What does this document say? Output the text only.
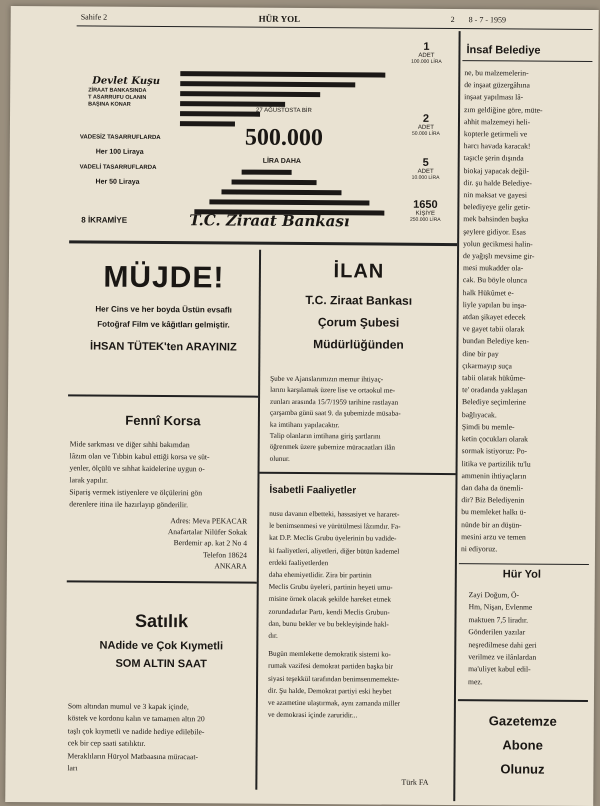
Sahife 2	HÜR YOL	2 8 - 7 - 1959
Devlet Kuşu
ZİRAAT BANKASINDA
T ASARRUFU OLANIN
BAŞINA KONAR
27 AĞUSTOSTA BİR
500.000
LİRA DAHA
VADESİZ TASARRUFLARDA
Her 100 Liraya
VADELİ TASARRUFLARDA
Her 50 Liraya
8 İKRAMİYE	T.C. Ziraat Bankası
1
ADET
100.000 LİRA
2
ADET
50.000 LİRA
5
ADET
10.000 LİRA
1650
KİŞİYE
250.000 LİRA
İnsaf Belediye

ne, bu malzemelerin-

de inşaat güzergâhına

inşaat yapılması lâ-

zım geldiğine göre, müte-

ahhit malzemeyi heli-

kopterle getirmeli ve

harcı havada karacak!

taşıcle şerin dışında

biokaj yapacak değil-

dir. şu halde Belediye-

nin maksat ve gayesi

belediyeye gelir getir-

mek bahsinden başka

şeylere gidiyor. Esas

yolun gecikmesi halin-

de yağışlı mevsime gir-

mesi mukadder ola-

cak. Bu böyle olunca

halk Hükûmet e-

liyle yapılan bu inşa-

atdan şikayet edecek

ve gayet tabii olarak

bundan Belediye ken-

dine bir pay

çıkarmayıp suça

tabii olarak hükûme-

te' oradanda yaklaşan

Belediye seçimlerine

bağlıyacak.

Şimdi bu memle-

ketin çocukları olarak

sormak istiyoruz: Po-

litika ve partizilik tu'lu

ammenin ihtiyaçların

dan daha da önemli-

dir? Biz Belediyenin

bu memleket halkı ü-

nünde bir an düşün-

mesini arzu ve temen

ni ediyoruz.

Hür Yol

Zayi Doğum, Ö-

Hm, Nişan, Evlenme

maktuen 7,5 liradır.

Gönderilen yazılar

neşredilmese dahi geri

verilmez ve ilânlardan

ma'uliyet kabul edil-

mez.

Gazetemze
Abone
Olunuz
MÜJDE!
Her Cins ve her boyda Üstün evsaflı
Fotoğraf Film ve kâğıtları gelmiştir.
İHSAN TÜTEK'ten ARAYINIZ
Fennî Korsa

Mide sarkması ve diğer sıhhi bakımdan

lâzım olan ve Tıbbin kabul ettiği korsa ve süt-

yenler, ölçülü ve sıhhat kaidelerine uygun o-

larak yapılır.

Sipariş vermek istiyenlere ve ölçülerini gön

derenlere itina ile hazırlayıp gönderilir.

Adres: Meva PEKACAR

Anafartalar Nilüfer Sokak

Berdemir ap. kat 2 No 4

Telefon 18624

ANKARA

Satılık
NAdide ve Çok Kıymetli
SOM ALTIN SAAT

Som altından mumul ve 3 kapak içinde,

köstek ve kordonu kalın ve tamamen altın 20

taşlı çok kıymetli ve nadide hediye edilebile-

cek bir cep saati satılıktır.

Meraklıların Hüryol Matbaasına müracaat-

ları

İLAN
T.C. Ziraat Bankası
Çorum Şubesi
Müdürlüğünden

Şube ve Ajanslarımızın memur ihtiyaç-

larını karşılamak üzere lise ve ortaokul me-

zunları arasında 15/7/1959 tarihine rastlayan

çarşamba günü saat 9. da şubemizde müsaba-

ka imtihanı yapılacaktır.

Talip olanların imtihana giriş şartlarını

öğrenmek üzere şubemize müracaatları ilân

olunur.

İsabetli Faaliyetler

nusu davanın elbetteki, hassasiyet ve hararet-

le benimsenmesi ve yürütülmesi lâzımdır. Fa-

kat D.P. Meclis Grubu üyelerinin bu vadide-

ki faaliyetleri, aliyetleri, diğer bütün kademel

erdeki faaliyetlerden

daha ehemiyetlidir. Zira bir partinin

Meclis Grubu üyeleri, partinin heyeti umu-

misine örnek olacak şekilde hareket etmek

zorundadırlar Partı, kendi Meclis Grubun-

dan, bunu bekler ve bu bekleyişinde hakl-

dır.

Bugün memlekette demokratik sistemi ko-

rumak vazifesi demokrat partiden başka bir

siyasi teşekkül tarafından benimsenmemekte-

dir. Şu halde, Demokrat partiyi eski heybet

ve azametine ulaştırmak, aynı zamanda miller

ve demokrasi içinde zaruridir...

Türk FA
